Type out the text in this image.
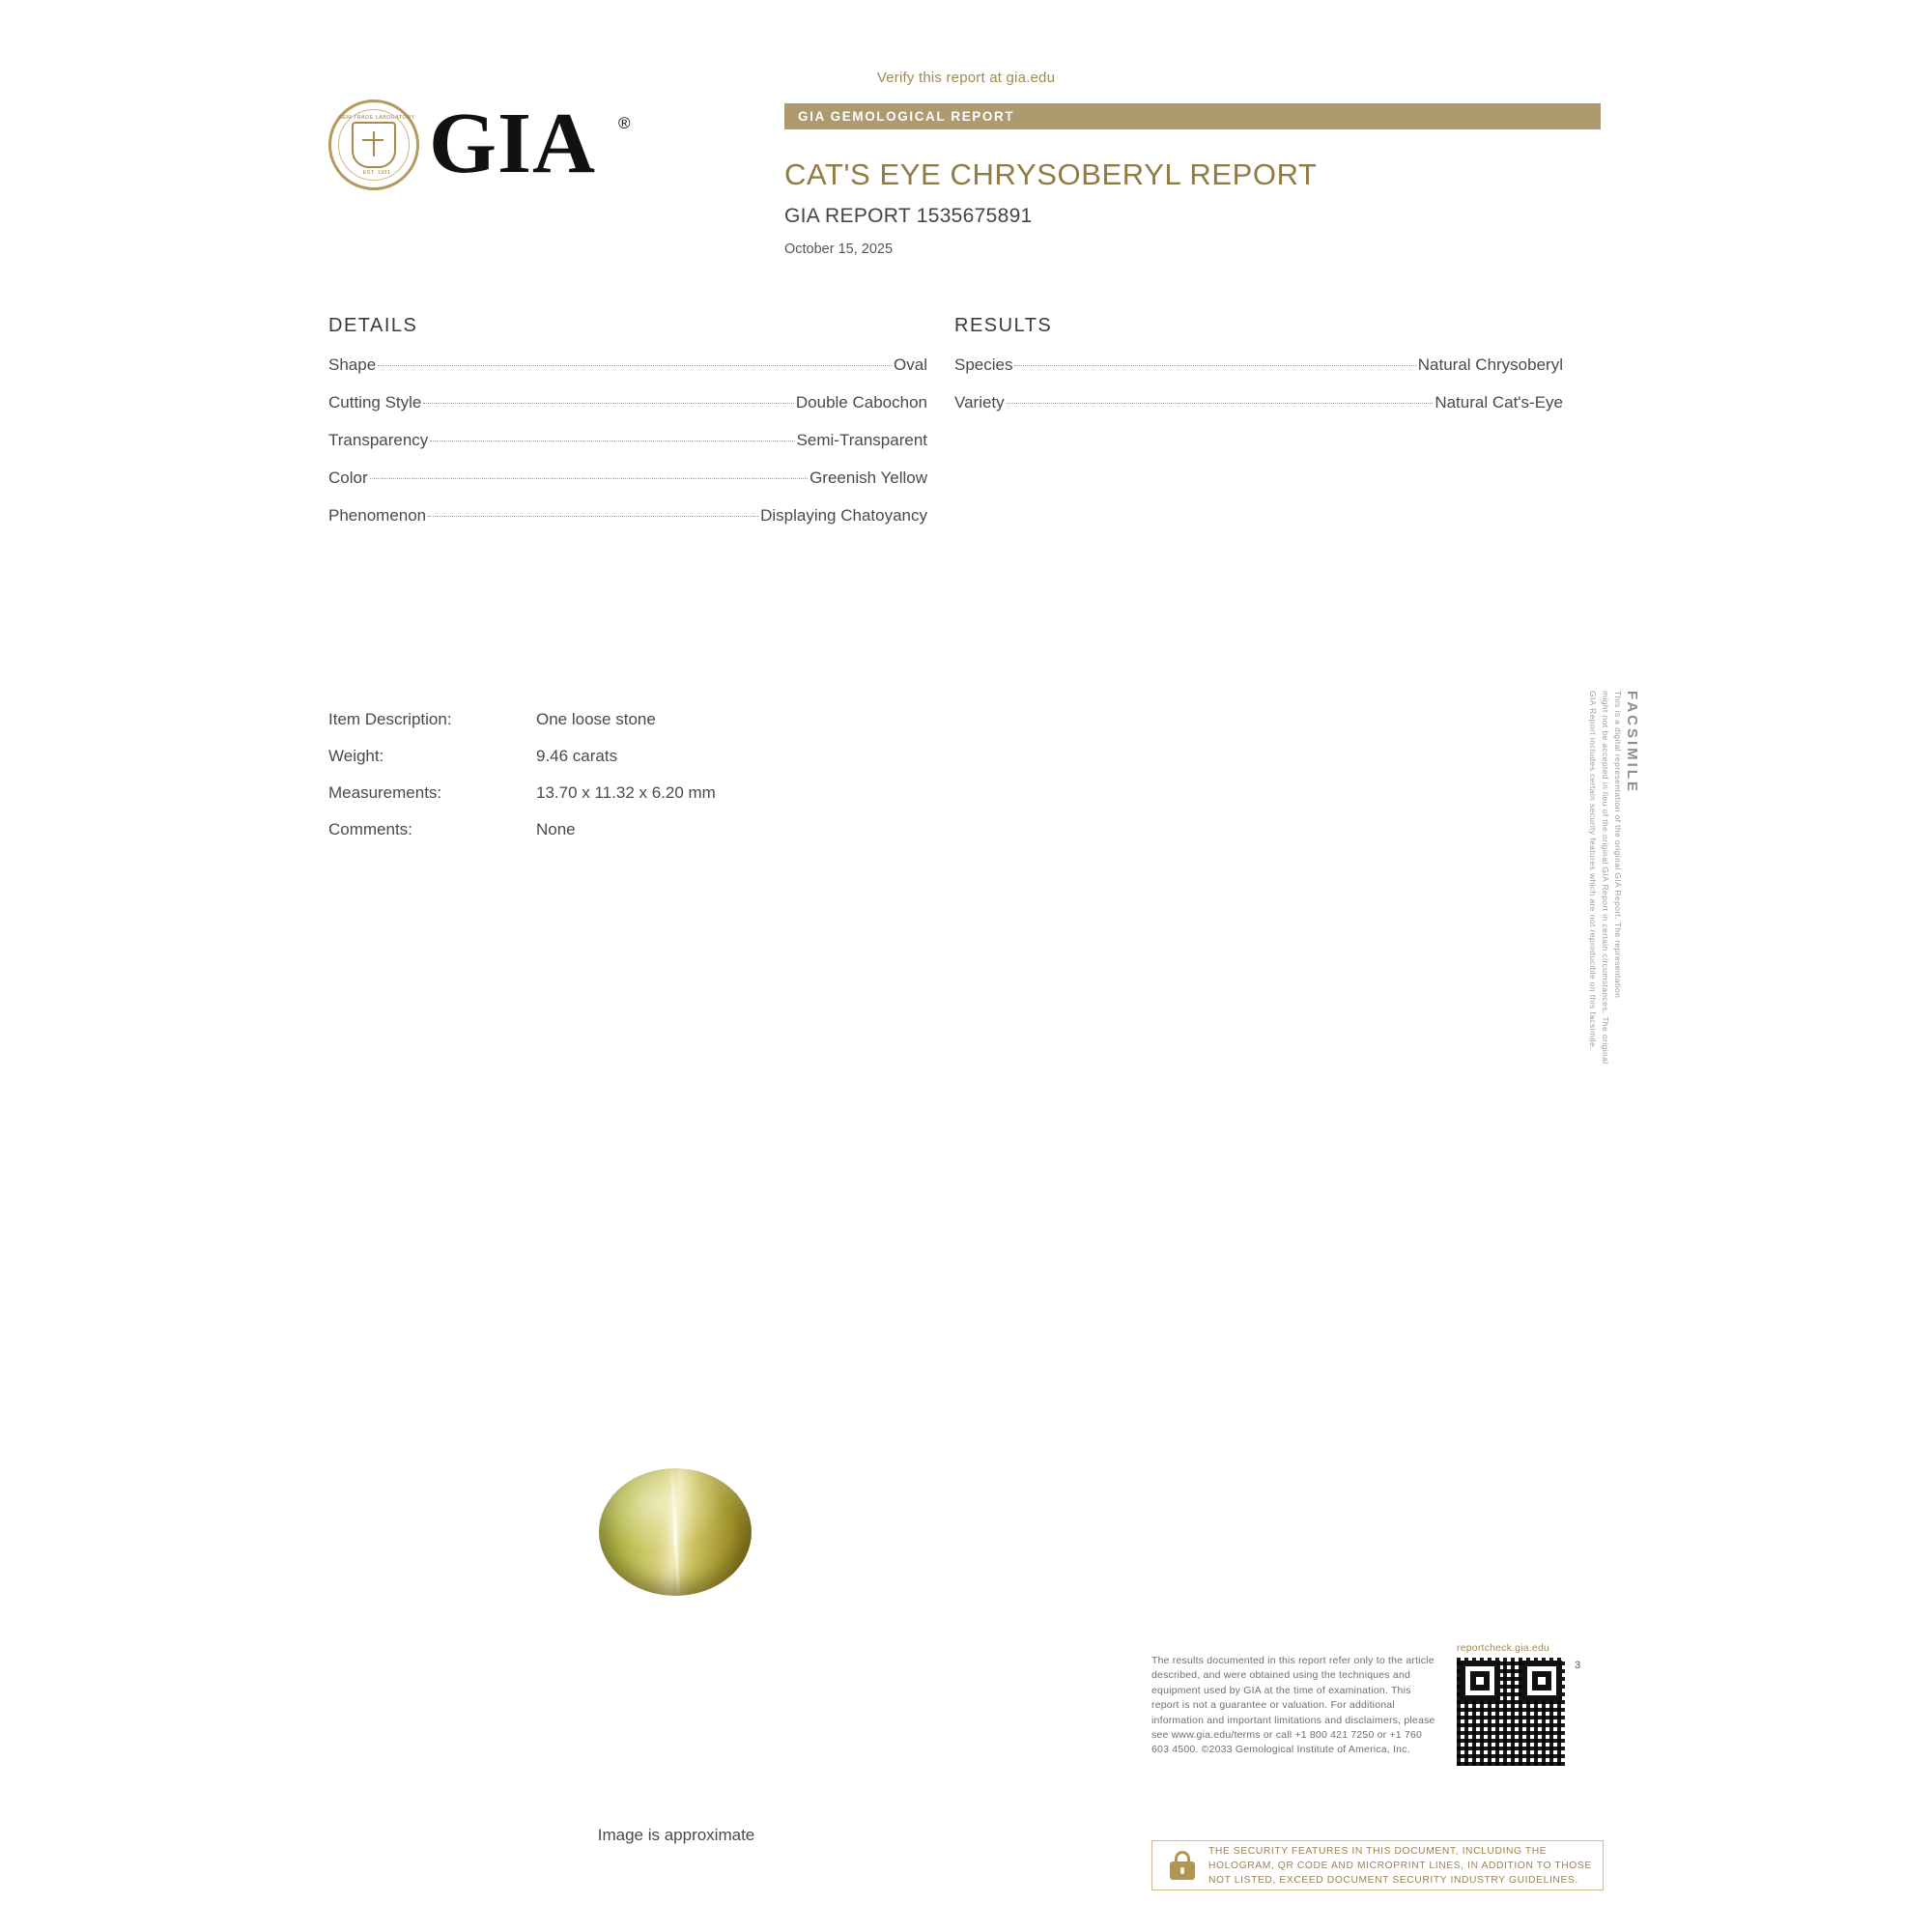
Verify this report at gia.edu
GEM TRADE LABORATORY
EST. 1931 GIA ®	GIA GEMOLOGICAL REPORT
CAT'S EYE CHRYSOBERYL REPORT
GIA REPORT 1535675891
October 15, 2025
DETAILS
Shape	Oval
Cutting Style	Double Cabochon
Transparency	Semi-Transparent
Color	Greenish Yellow
Phenomenon	Displaying Chatoyancy
RESULTS
Species	Natural Chrysoberyl
Variety	Natural Cat's-Eye
Item Description:	One loose stone
Weight:	9.46 carats
Measurements:	13.70 x 11.32 x 6.20 mm
Comments:	None
FACSIMILE
This is a digital representation of the original GIA Report. The representation
might not be accepted in lieu of the original GIA Report in certain circumstances. The original
GIA Report includes certain security features which are not reproducible on this facsimile.
Image is approximate
The results documented in this report refer only to the article described, and were obtained using the techniques and equipment used by GIA at the time of examination. This report is not a guarantee or valuation. For additional information and important limitations and disclaimers, please see www.gia.edu/terms or call +1 800 421 7250 or +1 760 603 4500. ©2033 Gemological Institute of America, Inc.
reportcheck.gia.edu
3
THE SECURITY FEATURES IN THIS DOCUMENT, INCLUDING THE HOLOGRAM, QR CODE AND MICROPRINT LINES, IN ADDITION TO THOSE NOT LISTED, EXCEED DOCUMENT SECURITY INDUSTRY GUIDELINES.
